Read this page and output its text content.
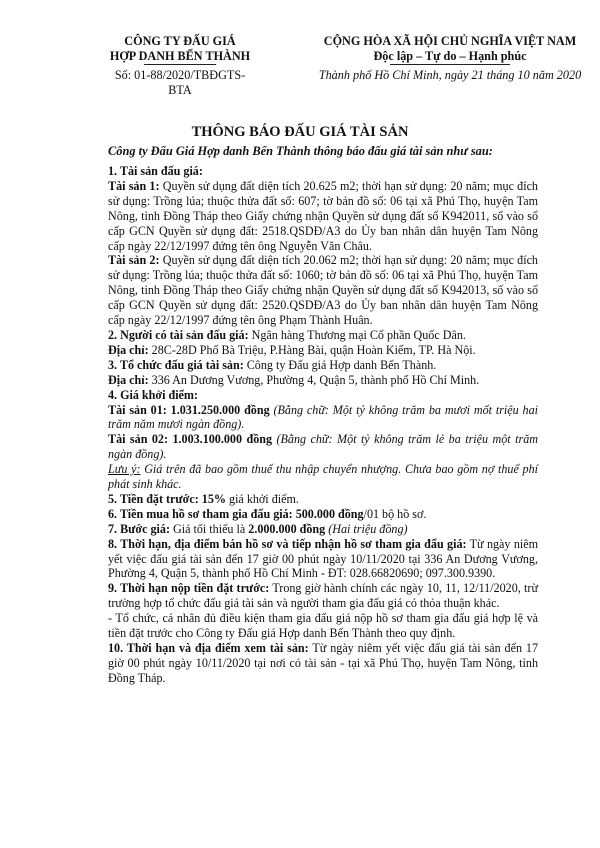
CÔNG TY ĐẤU GIÁ
HỢP DANH BẾN THÀNH
Số: 01-88/2020/TBĐGTS-BTA
CỘNG HÒA XÃ HỘI CHỦ NGHĨA VIỆT NAM
Độc lập – Tự do – Hạnh phúc
Thành phố Hồ Chí Minh, ngày 21 tháng 10 năm 2020
THÔNG BÁO ĐẤU GIÁ TÀI SẢN
Công ty Đấu Giá Hợp danh Bến Thành thông báo đấu giá tài sản như sau:

1. Tài sản đấu giá:

Tài sản 1: Quyền sử dụng đất diện tích 20.625 m2; thời hạn sử dụng: 20 năm; mục đích sử dụng: Trồng lúa; thuộc thửa đất số: 607; tờ bản đồ số: 06 tại xã Phú Thọ, huyện Tam Nông, tỉnh Đồng Tháp theo Giấy chứng nhận Quyền sử dụng đất số K942011, số vào sổ cấp GCN Quyền sử dụng đất: 2518.QSDĐ/A3 do Ủy ban nhân dân huyện Tam Nông cấp ngày 22/12/1997 đứng tên ông Nguyễn Văn Châu.

Tài sản 2: Quyền sử dụng đất diện tích 20.062 m2; thời hạn sử dụng: 20 năm; mục đích sử dụng: Trồng lúa; thuộc thửa đất số: 1060; tờ bản đồ số: 06 tại xã Phú Thọ, huyện Tam Nông, tỉnh Đồng Tháp theo Giấy chứng nhận Quyền sử dụng đất số K942013, số vào sổ cấp GCN Quyền sử dụng đất: 2520.QSDĐ/A3 do Ủy ban nhân dân huyện Tam Nông cấp ngày 22/12/1997 đứng tên ông Phạm Thành Huân.

2. Người có tài sản đấu giá: Ngân hàng Thương mại Cổ phần Quốc Dân.

Địa chỉ: 28C-28D Phố Bà Triệu, P.Hàng Bài, quận Hoàn Kiếm, TP. Hà Nội.

3. Tổ chức đấu giá tài sản: Công ty Đấu giá Hợp danh Bến Thành.

Địa chỉ: 336 An Dương Vương, Phường 4, Quận 5, thành phố Hồ Chí Minh.

4. Giá khởi điểm:

Tài sản 01: 1.031.250.000 đồng (Bằng chữ: Một tỷ không trăm ba mươi mốt triệu hai trăm năm mươi ngàn đồng).

Tài sản 02: 1.003.100.000 đồng (Bằng chữ: Một tỷ không trăm lẻ ba triệu một trăm ngàn đồng).

Lưu ý: Giá trên đã bao gồm thuế thu nhập chuyển nhượng. Chưa bao gồm nợ thuế phí phát sinh khác.

5. Tiền đặt trước: 15% giá khởi điểm.

6. Tiền mua hồ sơ tham gia đấu giá: 500.000 đồng/01 bộ hồ sơ.

7. Bước giá: Giá tối thiểu là 2.000.000 đồng (Hai triệu đồng)

8. Thời hạn, địa điểm bán hồ sơ và tiếp nhận hồ sơ tham gia đấu giá: Từ ngày niêm yết việc đấu giá tài sản đến 17 giờ 00 phút ngày 10/11/2020 tại 336 An Dương Vương, Phường 4, Quận 5, thành phố Hồ Chí Minh - ĐT: 028.66820690; 097.300.9390.

9. Thời hạn nộp tiền đặt trước: Trong giờ hành chính các ngày 10, 11, 12/11/2020, trừ trường hợp tổ chức đấu giá tài sản và người tham gia đấu giá có thỏa thuận khác.

- Tổ chức, cá nhân đủ điều kiện tham gia đấu giá nộp hồ sơ tham gia đấu giá hợp lệ và tiền đặt trước cho Công ty Đấu giá Hợp danh Bến Thành theo quy định.

10. Thời hạn và địa điểm xem tài sản: Từ ngày niêm yết việc đấu giá tài sản đến 17 giờ 00 phút ngày 10/11/2020 tại nơi có tài sản - tại xã Phú Thọ, huyện Tam Nông, tỉnh Đồng Tháp.
